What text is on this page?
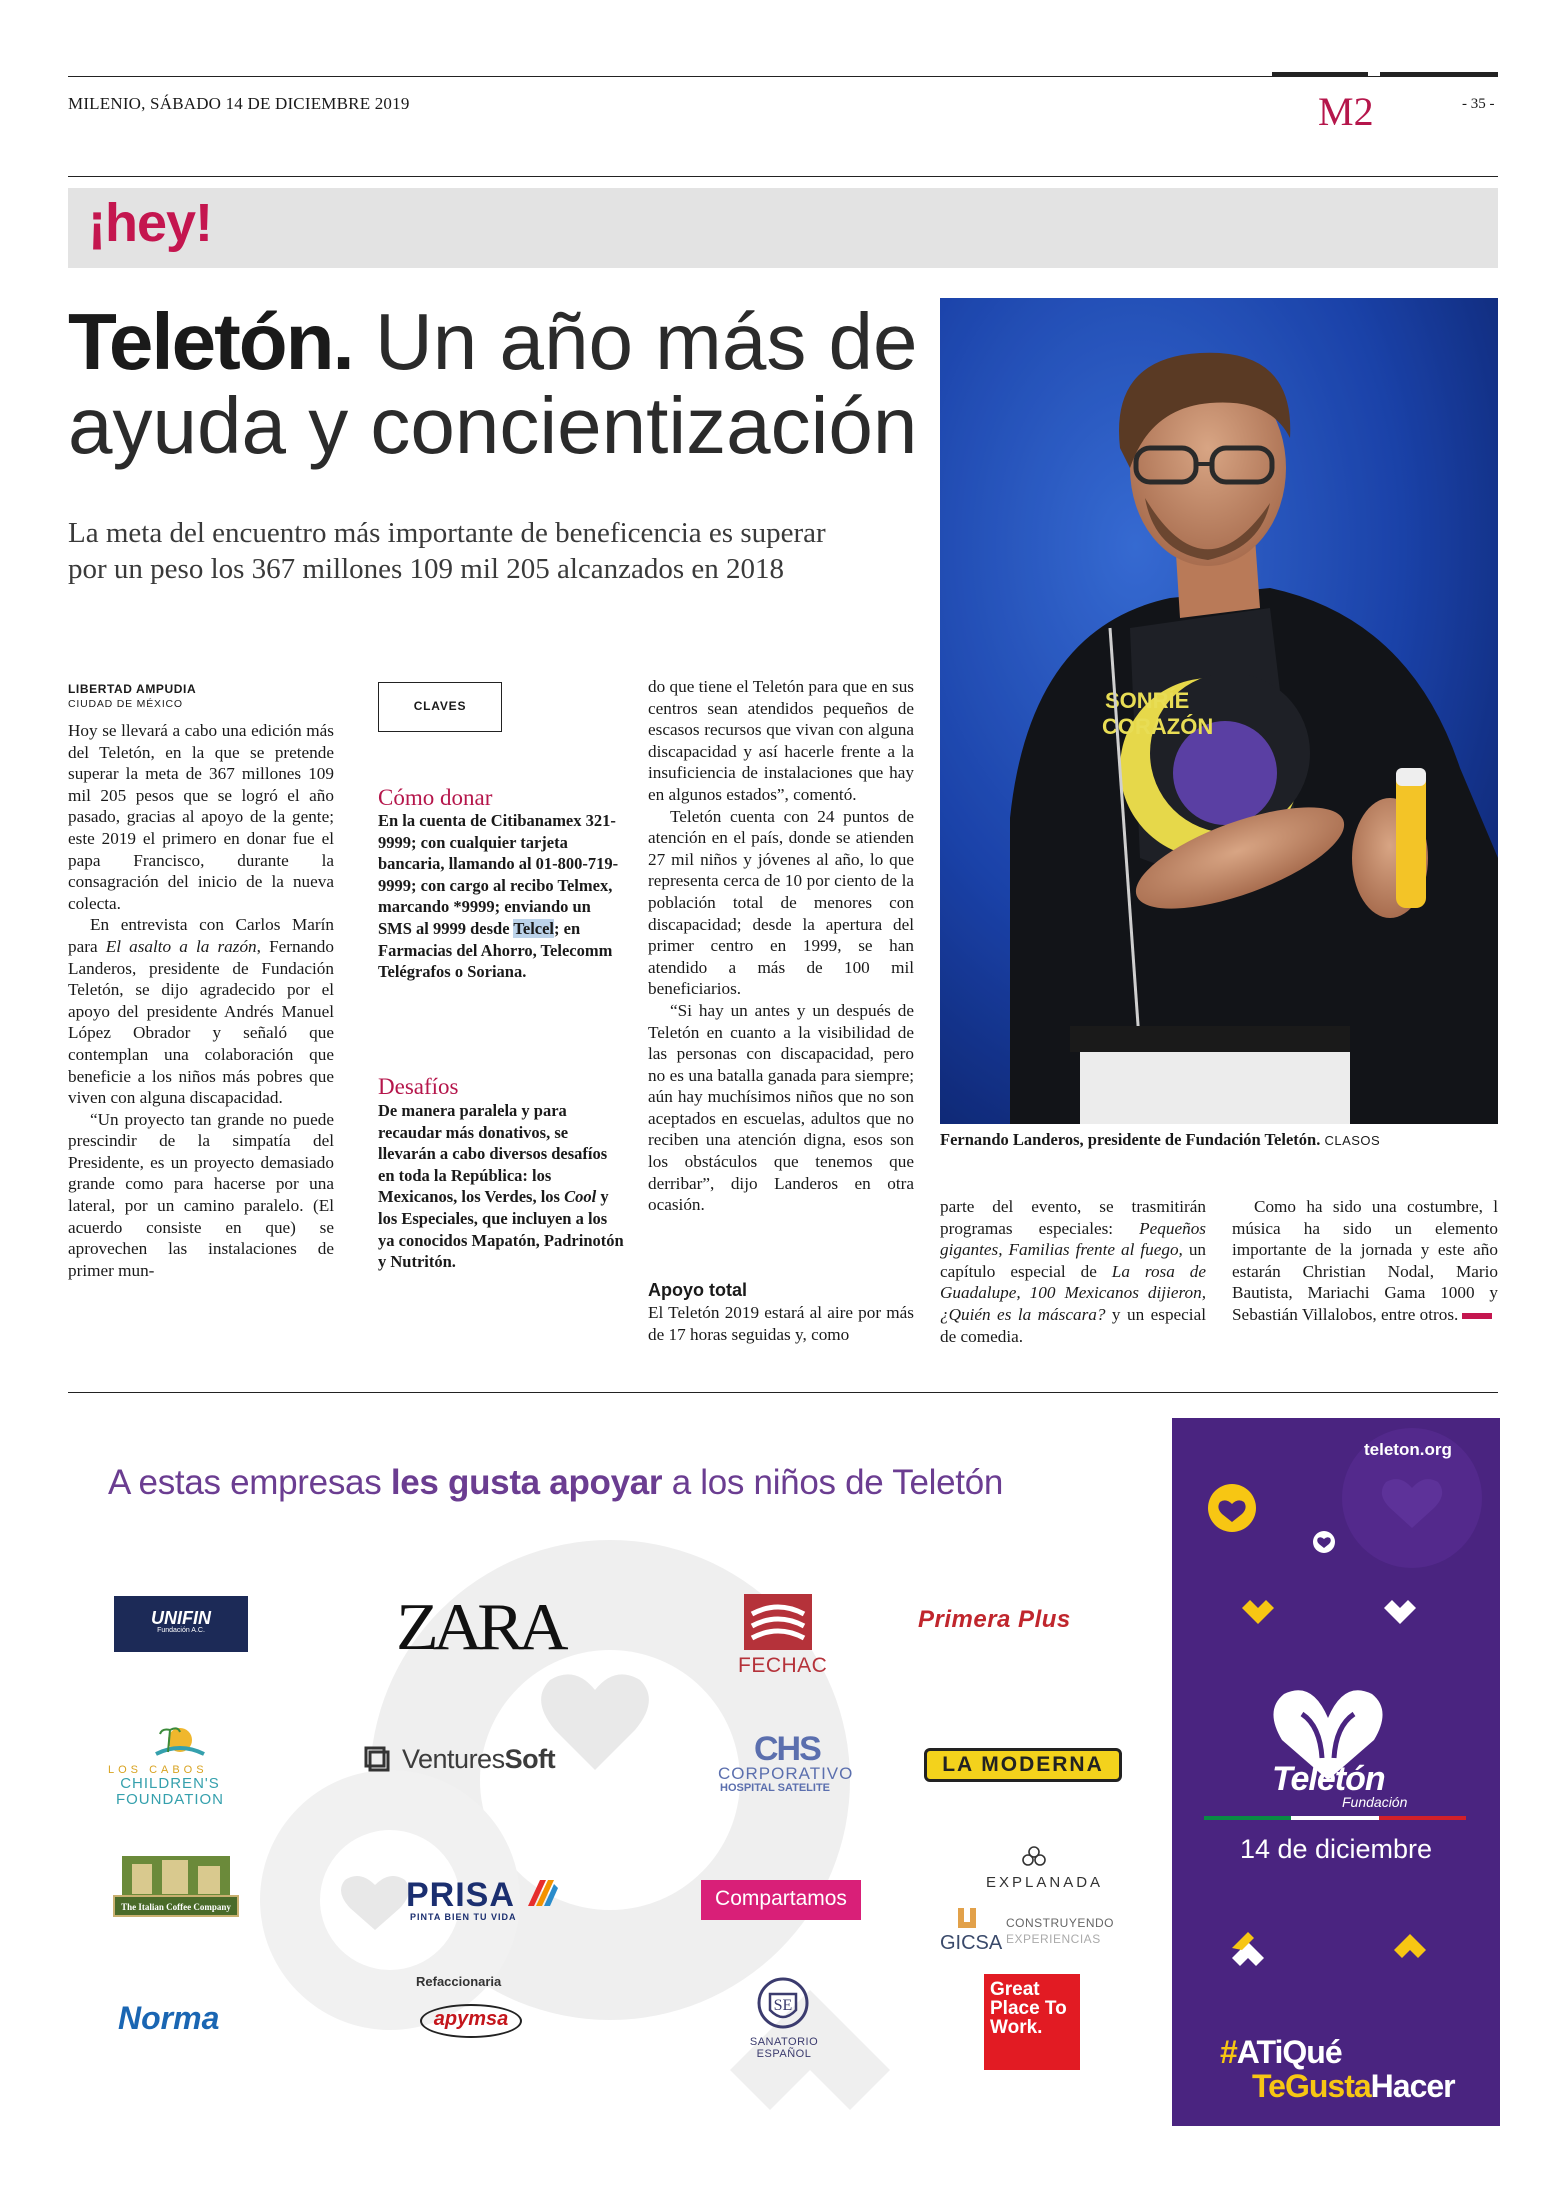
MILENIO, SÁBADO 14 DE DICIEMBRE 2019	M2	- 35 -
¡hey!
Teletón. Un año más de
ayuda y concientización
La meta del encuentro más importante de beneficencia es superar
por un peso los 367 millones 109 mil 205 alcanzados en 2018
SONRÍE
CORAZÓN
Fernando Landeros, presidente de Fundación Teletón. CLASOS
LIBERTAD AMPUDIA
CIUDAD DE MÉXICO

Hoy se llevará a cabo una edición más del Teletón, en la que se pretende superar la meta de 367 millones 109 mil 205 pesos que se logró el año pasado, gracias al apoyo de la gente; este 2019 el primero en donar fue el papa Francisco, durante la consagración del inicio de la nueva colecta.

En entrevista con Carlos Marín para El asalto a la razón, Fernando Landeros, presidente de Fundación Teletón, se dijo agradecido por el apoyo del presidente Andrés Manuel López Obrador y señaló que contemplan una colaboración que beneficie a los niños más pobres que viven con alguna discapacidad.

“Un proyecto tan grande no puede prescindir de la simpatía del Presidente, es un proyecto demasiado grande como para hacerse por una lateral, por un camino paralelo. (El acuerdo consiste en que) se aprovechen las instalaciones de primer mun-

CLAVES
Cómo donar
En la cuenta de Citibanamex 321-9999; con cualquier tarjeta bancaria, llamando al 01-800-719-9999; con cargo al recibo Telmex, marcando *9999; enviando un SMS al 9999 desde Telcel; en Farmacias del Ahorro, Telecomm Telégrafos o Soriana.
Desafíos
De manera paralela y para recaudar más donativos, se llevarán a cabo diversos desafíos en toda la República: los Mexicanos, los Verdes, los Cool y los Especiales, que incluyen a los ya conocidos Mapatón, Padrinotón y Nutritón.

do que tiene el Teletón para que en sus centros sean atendidos pequeños de escasos recursos que vivan con alguna discapacidad y así hacerle frente a la insuficiencia de instalaciones que hay en algunos estados”, comentó.

Teletón cuenta con 24 puntos de atención en el país, donde se atienden 27 mil niños y jóvenes al año, lo que representa cerca de 10 por ciento de la población total de menores con discapacidad; desde la apertura del primer centro en 1999, se han atendido a más de 100 mil beneficiarios.

“Si hay un antes y un después de Teletón en cuanto a la visibilidad de las personas con discapacidad, pero no es una batalla ganada para siempre; aún hay muchísimos niños que no son aceptados en escuelas, adultos que no reciben una atención digna, esos son los obstáculos que tenemos que derribar”, dijo Landeros en otra ocasión.

Apoyo total

El Teletón 2019 estará al aire por más de 17 horas seguidas y, como

parte del evento, se trasmitirán programas especiales: Pequeños gigantes, Familias frente al fuego, un capítulo especial de La rosa de Guadalupe, 100 Mexicanos dijieron, ¿Quién es la máscara? y un especial de comedia.

Como ha sido una costumbre, l música ha sido un elemento importante de la jornada y este año estarán Christian Nodal, Mario Bautista, Mariachi Gama 1000 y Sebastián Villalobos, entre otros.

A estas empresas les gusta apoyar a los niños de Teletón
UNIFIN
Fundación A.C.	ZARA
FECHAC
Primera Plus
LOS CABOS
CHILDREN'S FOUNDATION
VenturesSoft	CHS
CORPORATIVO
HOSPITAL SATELITE
LA MODERNA
The Italian Coffee Company	PRISA
PINTA BIEN TU VIDA
Compartamos
EXPLANADA
GICSA
CONSTRUYENDO
EXPERIENCIAS
Norma
Refaccionaria
apymsa
SE
SANATORIO ESPAÑOL
Great Place To Work.
teleton.org
Teletón
Fundación
14 de diciembre
#ATiQué
TeGustaHacer
